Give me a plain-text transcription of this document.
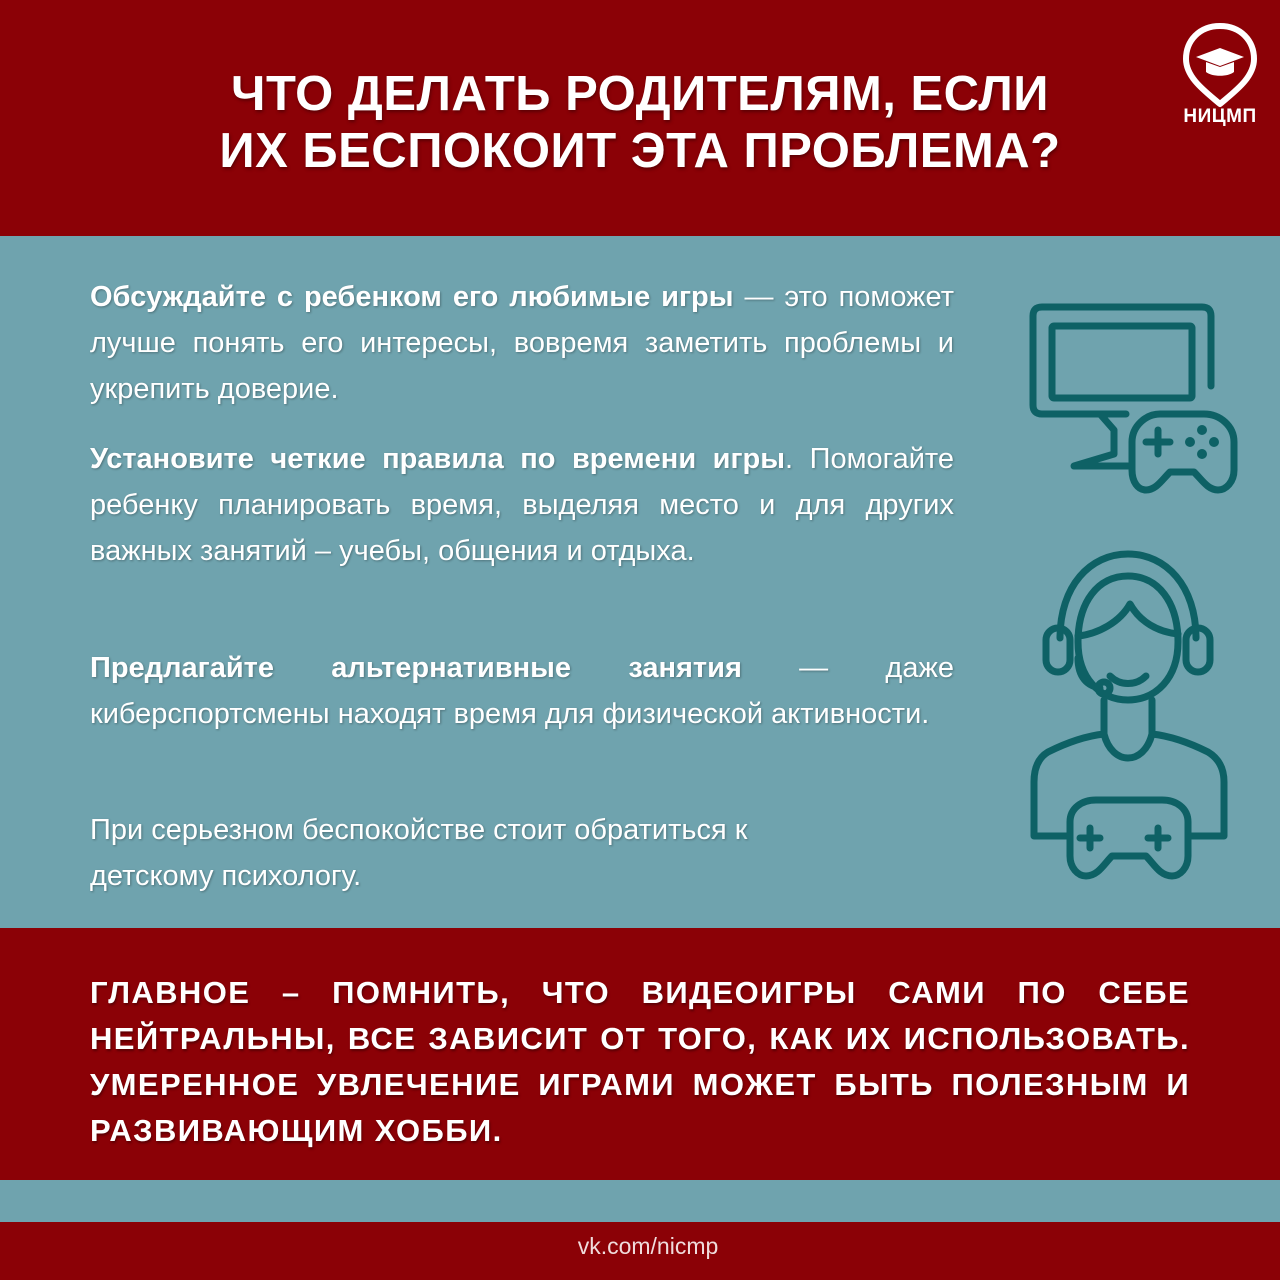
ЧТО ДЕЛАТЬ РОДИТЕЛЯМ, ЕСЛИ
ИХ БЕСПОКОИТ ЭТА ПРОБЛЕМА?
НИЦМП

Обсуждайте с ребенком его любимые игры — это поможет лучше понять его интересы, вовремя заметить проблемы и укрепить доверие.

Установите четкие правила по времени игры. Помогайте ребенку планировать время, выделяя место и для других важных занятий – учебы, общения и отдыха.

Предлагайте альтернативные занятия — даже киберспортсмены находят время для физической активности.

При серьезном беспокойстве стоит обратиться к детскому психологу.

ГЛАВНОЕ – ПОМНИТЬ, ЧТО ВИДЕОИГРЫ САМИ ПО СЕБЕ НЕЙТРАЛЬНЫ, ВСЕ ЗАВИСИТ ОТ ТОГО, КАК ИХ ИСПОЛЬЗОВАТЬ. УМЕРЕННОЕ УВЛЕЧЕНИЕ ИГРАМИ МОЖЕТ БЫТЬ ПОЛЕЗНЫМ И РАЗВИВАЮЩИМ ХОББИ.

vk.com/nicmp
